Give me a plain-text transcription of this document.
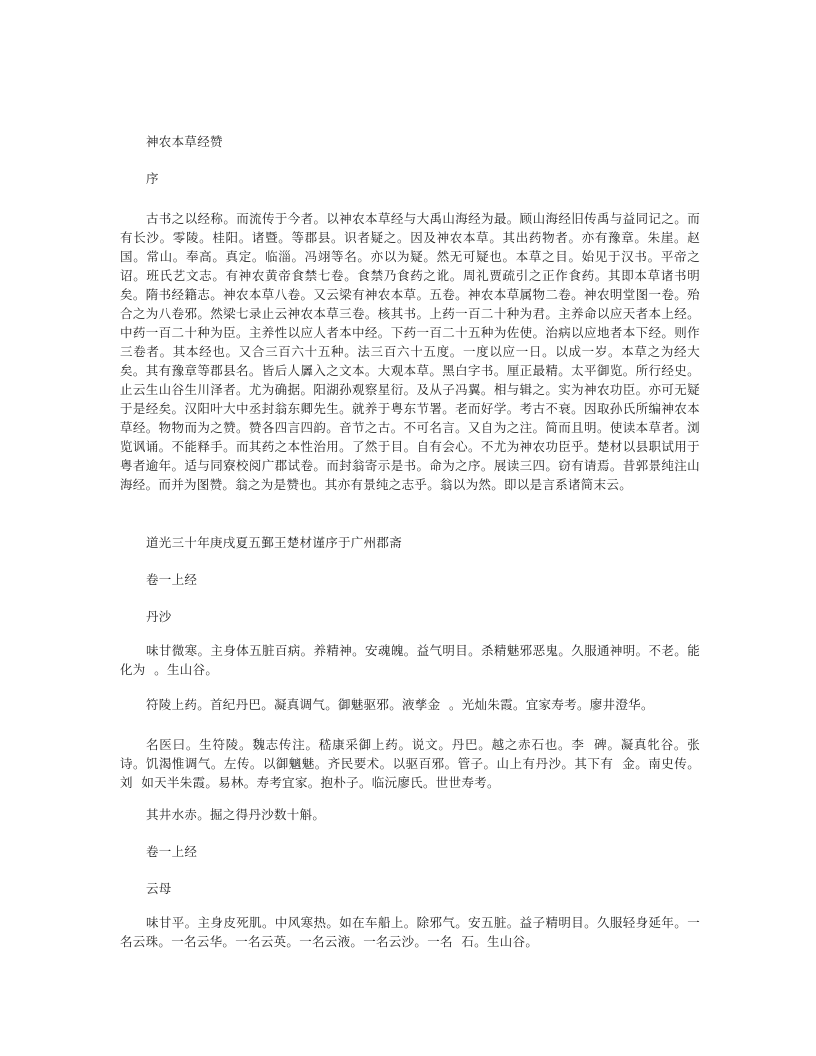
神农本草经赞

序

古书之以经称。而流传于今者。以神农本草经与大禹山海经为最。顾山海经旧传禹与益同记之。而有长沙。零陵。桂阳。诸暨。等郡县。识者疑之。因及神农本草。其出药物者。亦有豫章。朱崖。赵国。常山。奉高。真定。临淄。冯翊等名。亦以为疑。然无可疑也。本草之目。始见于汉书。平帝之诏。班氏艺文志。有神农黄帝食禁七卷。食禁乃食药之讹。周礼贾疏引之正作食药。其即本草诸书明矣。隋书经籍志。神农本草八卷。又云梁有神农本草。五卷。神农本草属物二卷。神农明堂图一卷。殆合之为八卷邪。然梁七录止云神农本草三卷。核其书。上药一百二十种为君。主养命以应天者本上经。中药一百二十种为臣。主养性以应人者本中经。下药一百二十五种为佐使。治病以应地者本下经。则作三卷者。其本经也。又合三百六十五种。法三百六十五度。一度以应一日。以成一岁。本草之为经大矣。其有豫章等郡县名。皆后人羼入之文本。大观本草。黑白字书。厘正最精。太平御览。所行经史。止云生山谷生川泽者。尤为确据。阳湖孙观察星衍。及从子冯翼。相与辑之。实为神农功臣。亦可无疑于是经矣。汉阳叶大中丞封翁东卿先生。就养于粤东节署。老而好学。考古不衰。因取孙氏所编神农本草经。物物而为之赞。赞各四言四韵。音节之古。不可名言。又自为之注。简而且明。使读本草者。浏览讽诵。不能释手。而其药之本性治用。了然于目。自有会心。不尤为神农功臣乎。楚材以县职试用于粤者逾年。适与同寮校阅广郡试卷。而封翁寄示是书。命为之序。展读三四。窃有请焉。昔郭景纯注山海经。而并为图赞。翁之为是赞也。其亦有景纯之志乎。翁以为然。即以是言系诸简末云。

道光三十年庚戌夏五鄞王楚材谨序于广州郡斋

卷一上经

丹沙

味甘微寒。主身体五脏百病。养精神。安魂魄。益气明目。杀精魅邪恶鬼。久服通神明。不老。能化为  。生山谷。

符陵上药。首纪丹巴。凝真调气。御魅驱邪。液孳金  。光灿朱霞。宜家寿考。廖井澄华。

名医曰。生符陵。魏志传注。嵇康采御上药。说文。丹巴。越之赤石也。李  碑。凝真牝谷。张  诗。饥渴惟调气。左传。以御魑魅。齐民要术。以驱百邪。管子。山上有丹沙。其下有  金。南史传。刘  如天半朱霞。易林。寿考宜家。抱朴子。临沅廖氏。世世寿考。

其井水赤。掘之得丹沙数十斛。

卷一上经

云母

味甘平。主身皮死肌。中风寒热。如在车船上。除邪气。安五脏。益子精明目。久服轻身延年。一名云珠。一名云华。一名云英。一名云液。一名云沙。一名  石。生山谷。
